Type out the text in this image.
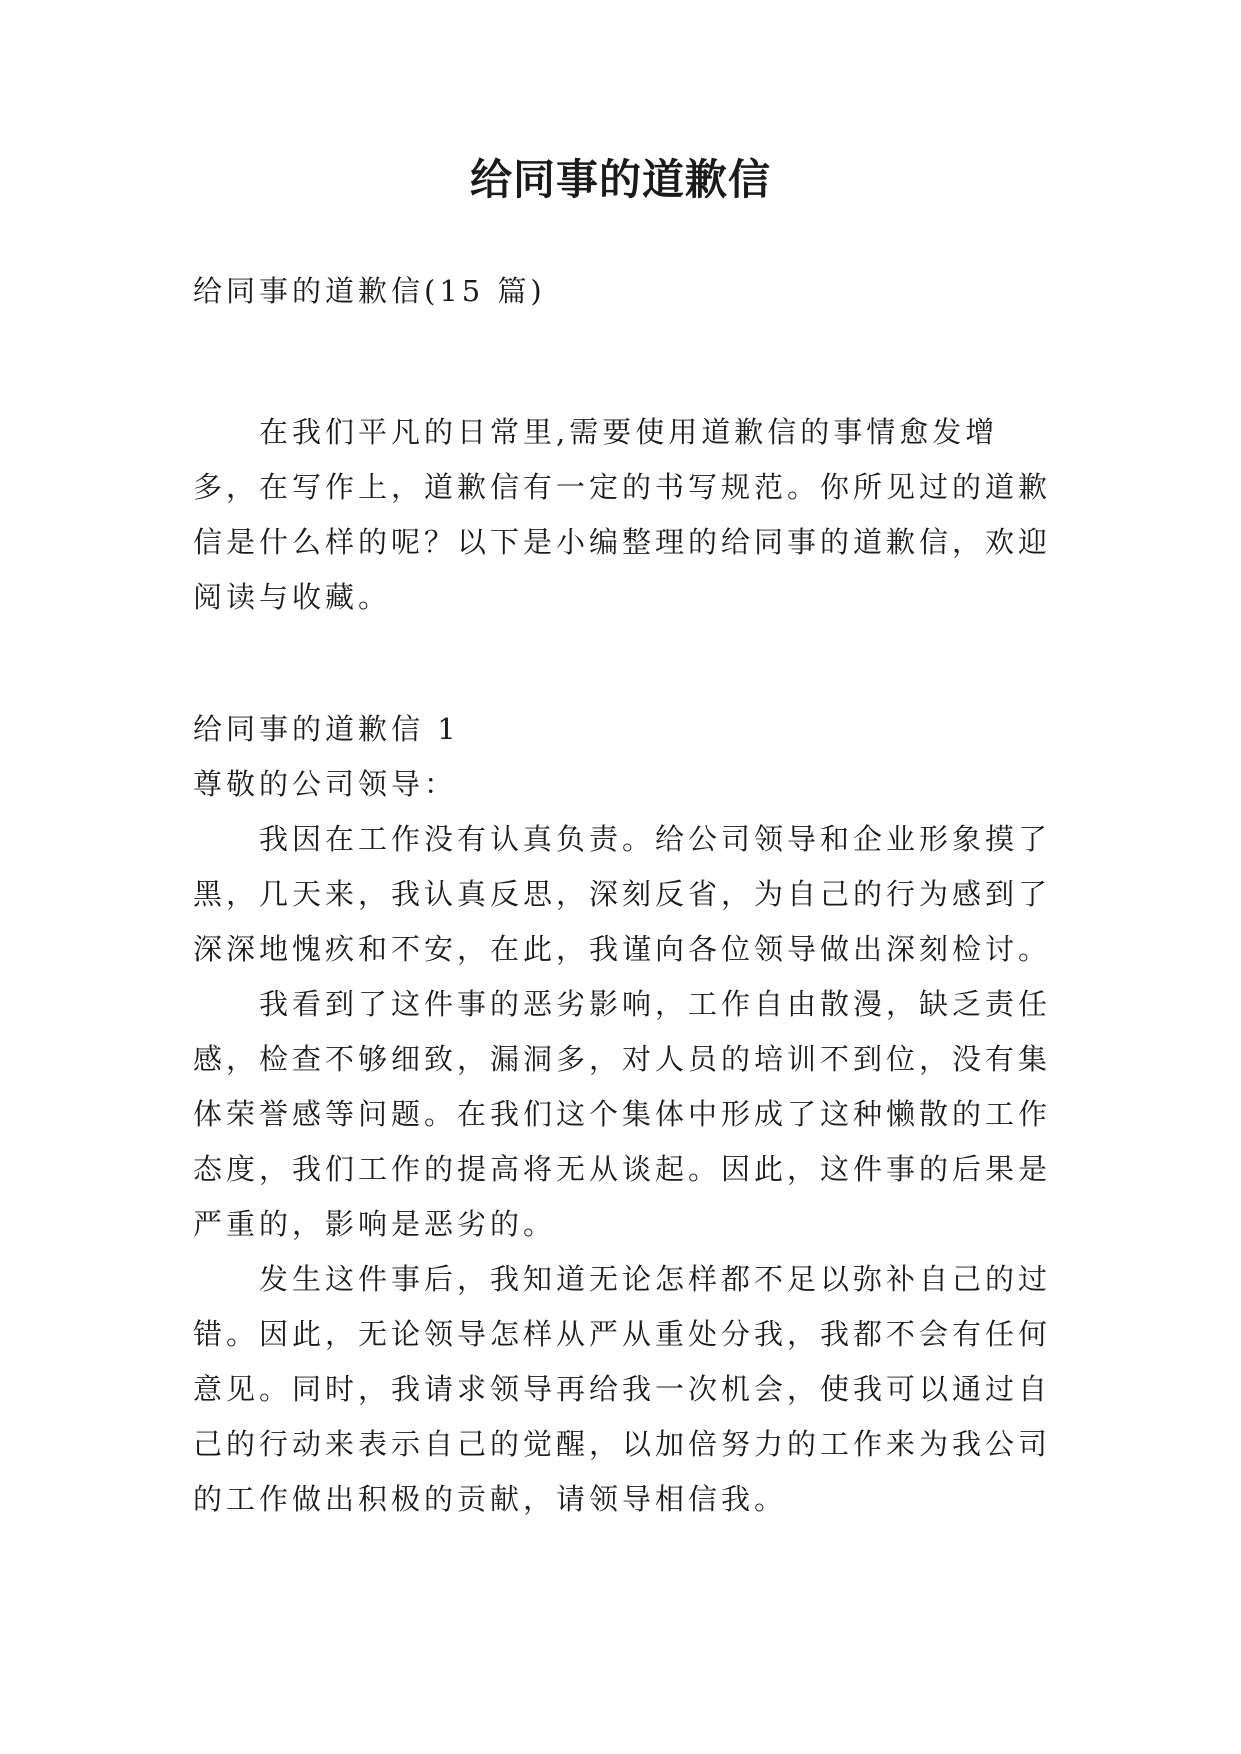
给同事的道歉信

给同事的道歉信(15 篇)

在我们平凡的日常里,需要使用道歉信的事情愈发增多，在写作上，道歉信有一定的书写规范。你所见过的道歉信是什么样的呢？以下是小编整理的给同事的道歉信，欢迎阅读与收藏。

给同事的道歉信 1

尊敬的公司领导：

我因在工作没有认真负责。给公司领导和企业形象摸了黑，几天来，我认真反思，深刻反省，为自己的行为感到了深深地愧疚和不安，在此，我谨向各位领导做出深刻检讨。

我看到了这件事的恶劣影响，工作自由散漫，缺乏责任感，检查不够细致，漏洞多，对人员的培训不到位，没有集体荣誉感等问题。在我们这个集体中形成了这种懒散的工作态度，我们工作的提高将无从谈起。因此，这件事的后果是严重的，影响是恶劣的。

发生这件事后，我知道无论怎样都不足以弥补自己的过错。因此，无论领导怎样从严从重处分我，我都不会有任何意见。同时，我请求领导再给我一次机会，使我可以通过自己的行动来表示自己的觉醒，以加倍努力的工作来为我公司的工作做出积极的贡献，请领导相信我。
